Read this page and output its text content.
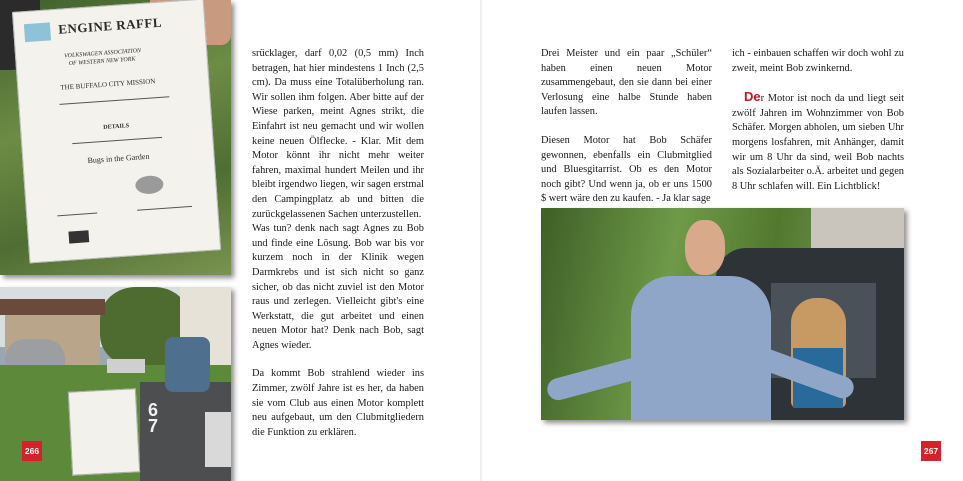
ENGINE RAFFL
VOLKSWAGEN ASSOCIATION
OF WESTERN NEW YORK
THE BUFFALO CITY MISSION
DETAILS
Bugs in the Garden
67
266

srücklager, darf 0,02 (0,5 mm) Inch betragen, hat hier mindestens 1 Inch (2,5 cm). Da muss eine Totalüberholung ran. Wir sollen ihm folgen. Aber bitte auf der Wiese parken, meint Agnes strikt, die Einfahrt ist neu gemacht und wir wollen keine neuen Ölflecke. - Klar. Mit dem Motor könnt ihr nicht mehr weiter fahren, maximal hundert Meilen und ihr bleibt irgendwo liegen, wir sagen erstmal den Campingplatz ab und bitten die zurückgelassenen Sachen unterzustellen.

Was tun? denk nach sagt Agnes zu Bob und finde eine Lösung. Bob war bis vor kurzem noch in der Klinik wegen Darmkrebs und ist sich nicht so ganz sicher, ob das nicht zuviel ist den Motor raus und zerlegen. Vielleicht gibt's eine Werkstatt, die gut arbeitet und einen neuen Motor hat? Denk nach Bob, sagt Agnes wieder.

Da kommt Bob strahlend wieder ins Zimmer, zwölf Jahre ist es her, da haben sie vom Club aus einen Motor komplett neu aufgebaut, um den Clubmitgliedern die Funktion zu erklären.

Drei Meister und ein paar „Schüler“ haben einen neuen Motor zusammengebaut, den sie dann bei einer Verlosung eine halbe Stunde haben laufen lassen.

Diesen Motor hat Bob Schäfer gewonnen, ebenfalls ein Clubmitglied und Bluesgitarrist. Ob es den Motor noch gibt? Und wenn ja, ob er uns 1500 $ wert wäre den zu kaufen. - Ja klar sage

ich - einbauen schaffen wir doch wohl zu zweit, meint Bob zwinkernd.

Der Motor ist noch da und liegt seit zwölf Jahren im Wohnzimmer von Bob Schäfer. Morgen abholen, um sieben Uhr morgens losfahren, mit Anhänger, damit wir um 8 Uhr da sind, weil Bob nachts als Sozialarbeiter o.Ä. arbeitet und gegen 8 Uhr schlafen will. Ein Lichtblick!

267
